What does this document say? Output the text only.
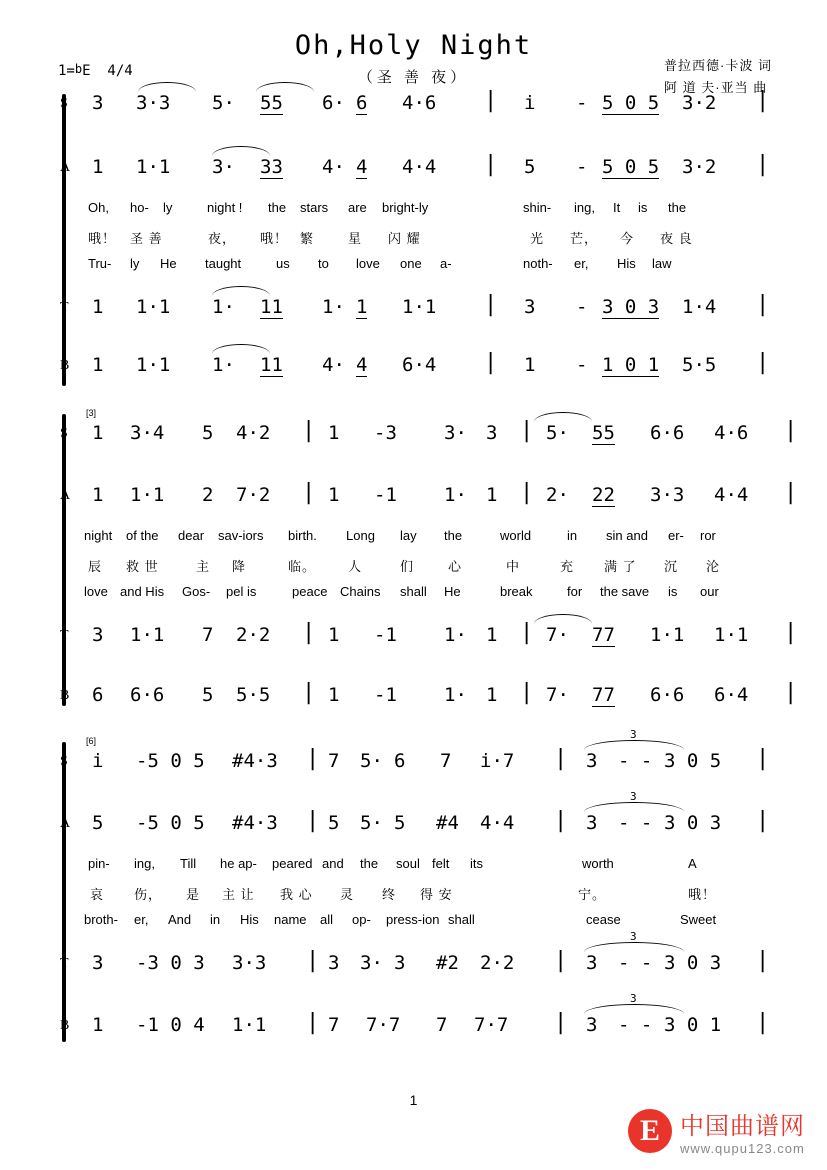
Oh,Holy Night
（圣 善 夜）
1=bE 4/4	普拉西德·卡波 词
阿 道 夫·亚当 曲
S 3 3·3 5· 55 6· 6 4·6 | i - 5 0 5 3·2 |
A 1 1·1 3· 33 4· 4 4·4 | 5 - 5 0 5 3·2 |
Oh, ho- ly	night ! the stars are bright-ly	shin- ing, It is the
哦！ 圣 善	夜， 哦！ 繁	星 闪 耀	光 芒， 今 夜 良
Tru- ly He taught	us to love one a-	noth- er, His law
T 1 1·1 1· 11 1· 1 1·1 | 3 - 3 0 3 1·4 |
B 1 1·1 1· 11 4· 4 6·4 | 1 - 1 0 1 5·5 |
[3]
S 1 3·4 5 4·2 | 1 -3 3· 3 | 5· 55 6·6 4·6 |
A 1 1·1 2 7·2 | 1 -1 1· 1 | 2· 22 3·3 4·4 |
night of the dear sav-iors birth. Long lay the	world	in sin and er- ror
辰 救 世	主 降	临。 人	们	心	中	充 满 了 沉 沦
love and His Gos- pel is	peace Chains shall He	break	for the save is our
T 3 1·1 7 2·2 | 1 -1 1· 1 | 7· 77 1·1 1·1 |
B 6 6·6 5 5·5 | 1 -1 1· 1 | 7· 77 6·6 6·4 |
[6]
S
3
i -5 0 5 #4·3 | 7 5· 6 7 i·7 | 3 - - 3 0 5 |
A
3
5 -5 0 5 #4·3 | 5 5· 5 #4 4·4 | 3 - - 3 0 3 |
pin- ing, Till he ap- peared and the soul felt its	worth	A
哀 伤， 是 主 让 我 心 灵 终 得 安	宁。	哦！
broth- er, And in His name all op- press-ion shall	cease	Sweet
T
3
3 -3 0 3 3·3 | 3 3· 3 #2 2·2 | 3 - - 3 0 3 |
B
3
1 -1 0 4 1·1 | 7 7·7 7 7·7 | 3 - - 3 0 1 |
1
E 中国曲谱网
www.qupu123.com
